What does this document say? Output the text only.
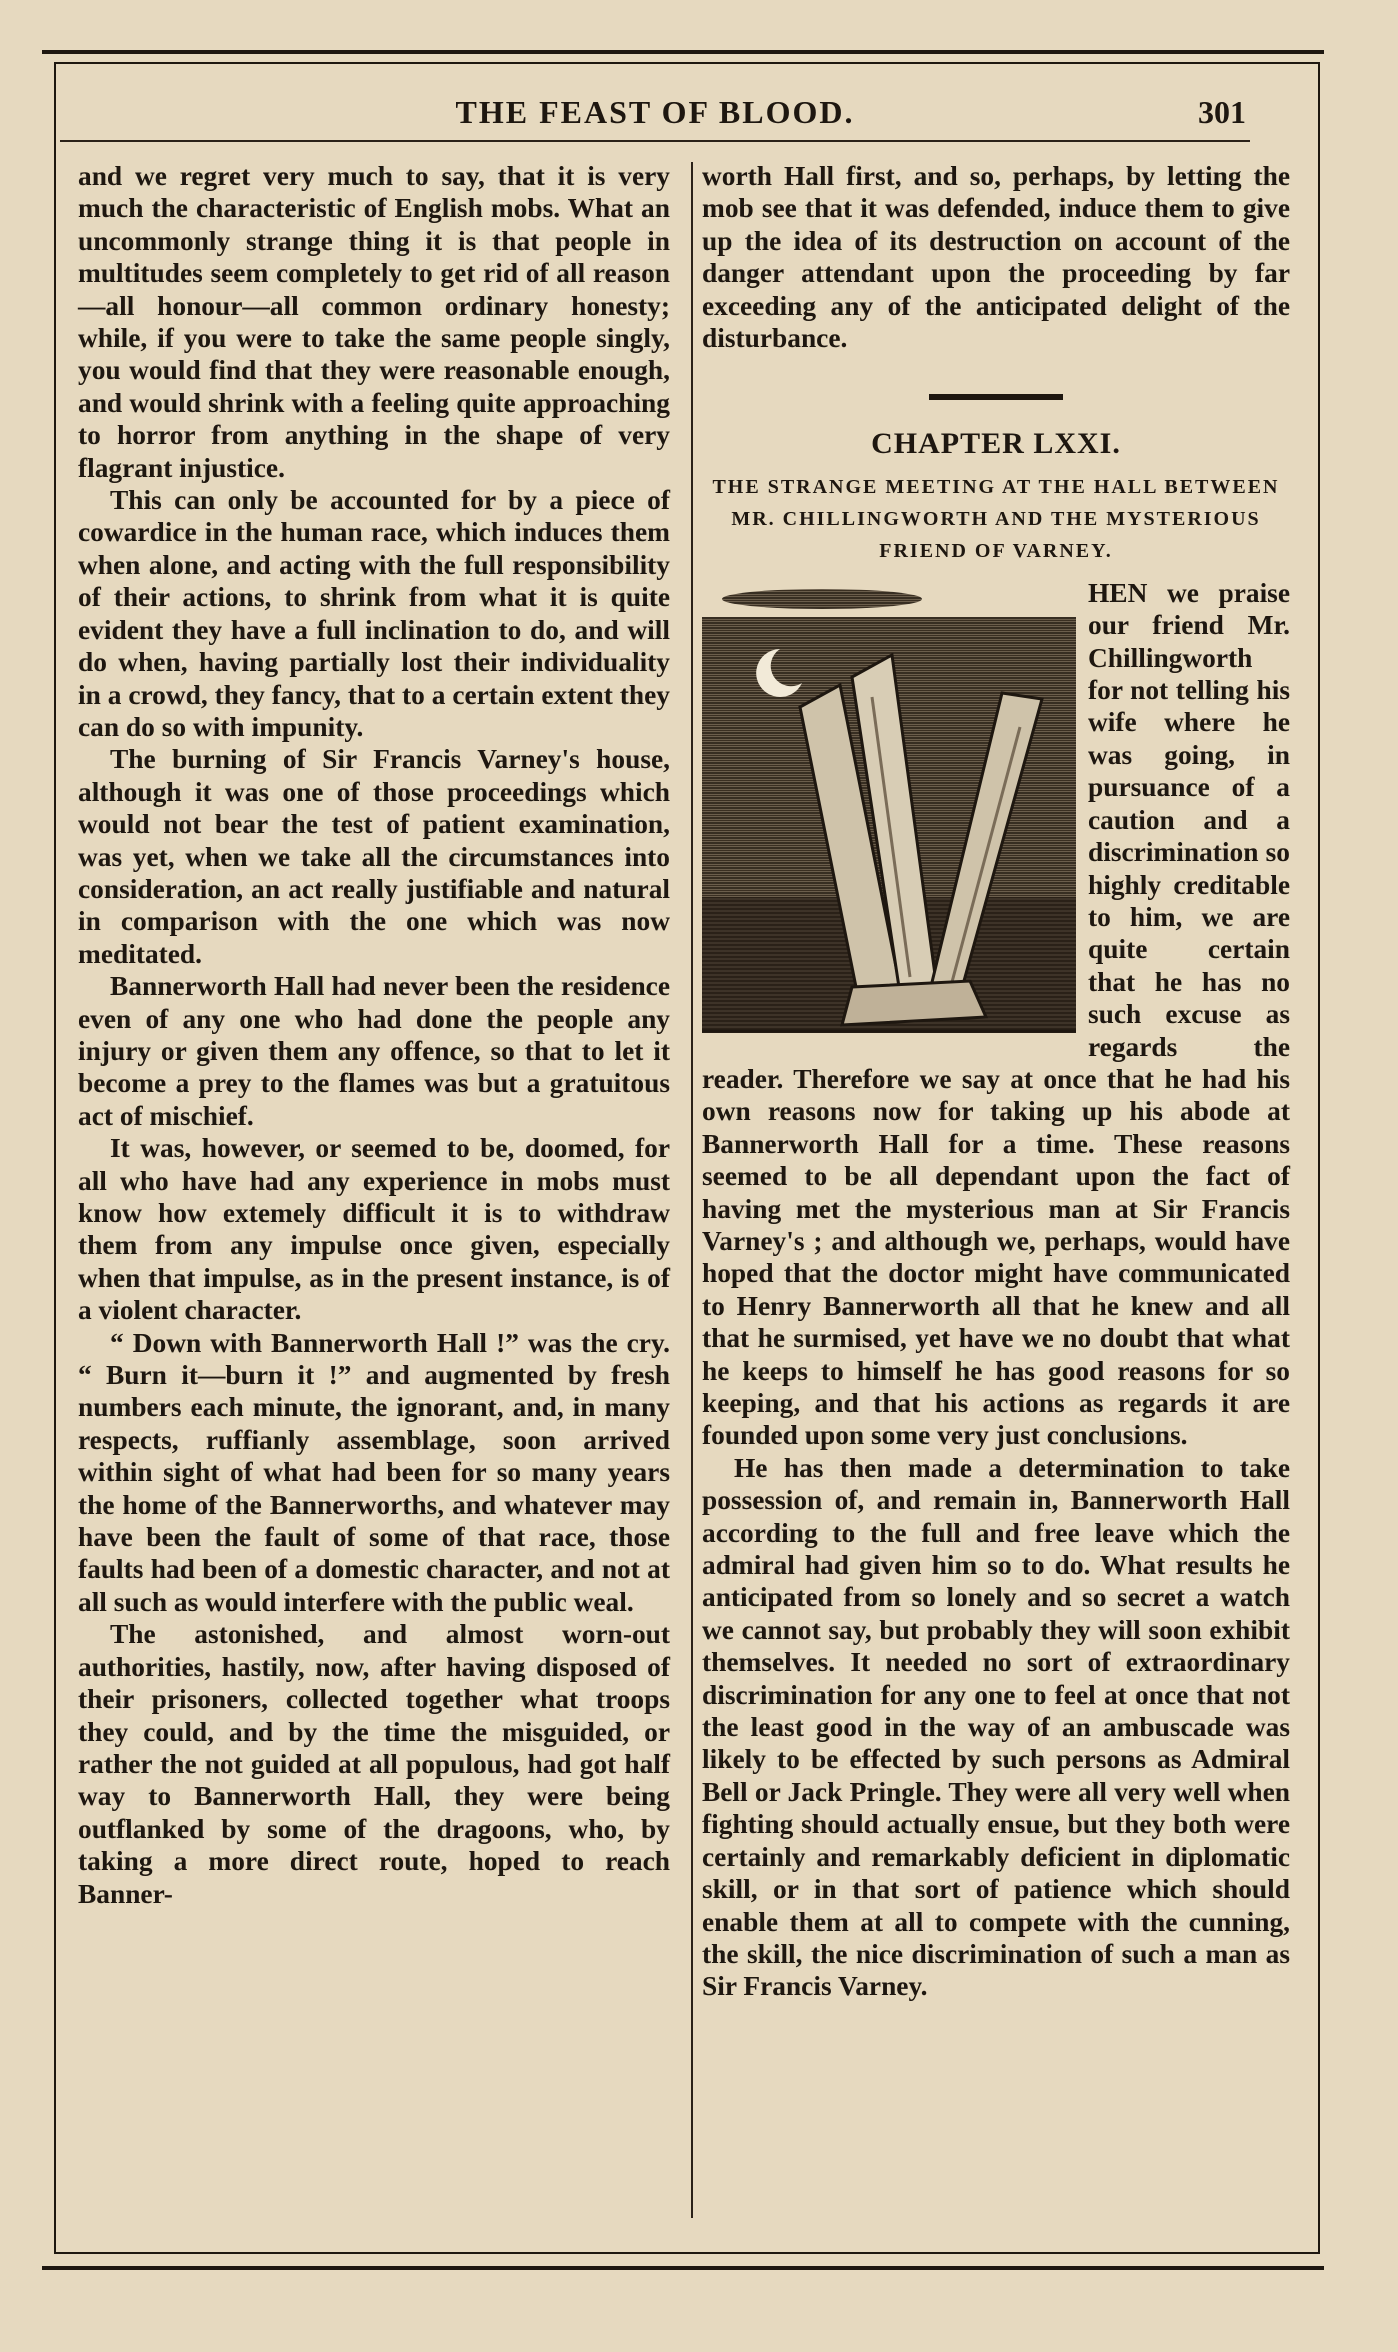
THE FEAST OF BLOOD.	301

and we regret very much to say, that it is very much the characteristic of English mobs. What an uncommonly strange thing it is that people in multitudes seem completely to get rid of all reason—all honour—all common ordinary honesty; while, if you were to take the same people singly, you would find that they were reasonable enough, and would shrink with a feeling quite approaching to horror from anything in the shape of very flagrant injustice.

This can only be accounted for by a piece of cowardice in the human race, which induces them when alone, and acting with the full responsibility of their actions, to shrink from what it is quite evident they have a full inclination to do, and will do when, having partially lost their individuality in a crowd, they fancy, that to a certain extent they can do so with impunity.

The burning of Sir Francis Varney's house, although it was one of those proceedings which would not bear the test of patient examination, was yet, when we take all the circumstances into consideration, an act really justifiable and natural in comparison with the one which was now meditated.

Bannerworth Hall had never been the residence even of any one who had done the people any injury or given them any offence, so that to let it become a prey to the flames was but a gratuitous act of mischief.

It was, however, or seemed to be, doomed, for all who have had any experience in mobs must know how extemely difficult it is to withdraw them from any impulse once given, especially when that impulse, as in the present instance, is of a violent character.

“ Down with Bannerworth Hall !” was the cry. “ Burn it—burn it !” and augmented by fresh numbers each minute, the ignorant, and, in many respects, ruffianly assemblage, soon arrived within sight of what had been for so many years the home of the Bannerworths, and whatever may have been the fault of some of that race, those faults had been of a domestic character, and not at all such as would interfere with the public weal.

The astonished, and almost worn-out authorities, hastily, now, after having disposed of their prisoners, collected together what troops they could, and by the time the misguided, or rather the not guided at all populous, had got half way to Bannerworth Hall, they were being outflanked by some of the dragoons, who, by taking a more direct route, hoped to reach Banner-

worth Hall first, and so, perhaps, by letting the mob see that it was defended, induce them to give up the idea of its destruction on account of the danger attendant upon the proceeding by far exceeding any of the anticipated delight of the disturbance.

CHAPTER LXXI.
THE STRANGE MEETING AT THE HALL BETWEEN MR. CHILLINGWORTH AND THE MYSTERIOUS FRIEND OF VARNEY.

HEN we praise our friend Mr. Chillingworth for not telling his wife where he was going, in pursuance of a caution and a discrimination so highly creditable to him, we are quite certain that he has no such excuse as regards the reader. Therefore we say at once that he had his own reasons now for taking up his abode at Bannerworth Hall for a time. These reasons seemed to be all dependant upon the fact of having met the mysterious man at Sir Francis Varney's ; and although we, perhaps, would have hoped that the doctor might have communicated to Henry Bannerworth all that he knew and all that he surmised, yet have we no doubt that what he keeps to himself he has good reasons for so keeping, and that his actions as regards it are founded upon some very just conclusions.

He has then made a determination to take possession of, and remain in, Bannerworth Hall according to the full and free leave which the admiral had given him so to do. What results he anticipated from so lonely and so secret a watch we cannot say, but probably they will soon exhibit themselves. It needed no sort of extraordinary discrimination for any one to feel at once that not the least good in the way of an ambuscade was likely to be effected by such persons as Admiral Bell or Jack Pringle. They were all very well when fighting should actually ensue, but they both were certainly and remarkably deficient in diplomatic skill, or in that sort of patience which should enable them at all to compete with the cunning, the skill, the nice discrimination of such a man as Sir Francis Varney.
